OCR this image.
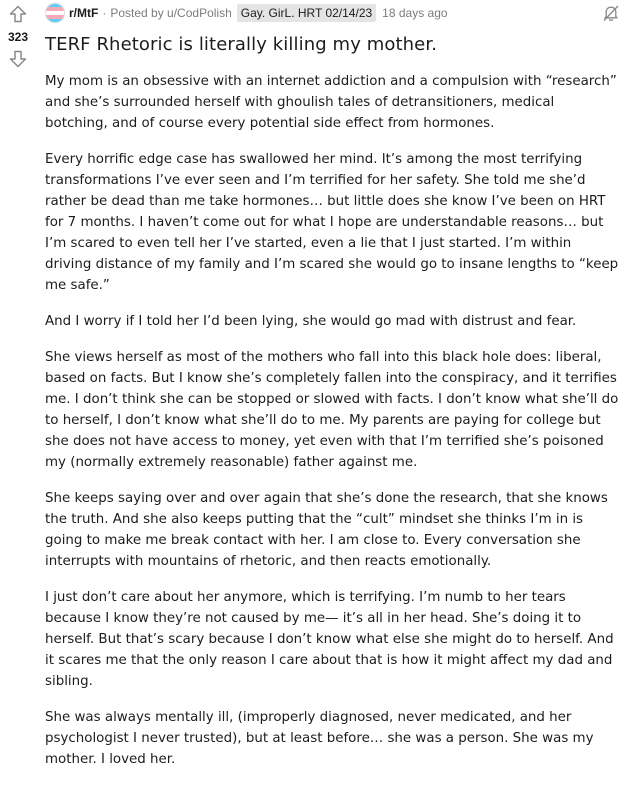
323
r/MtF · Posted by
u/CodPolish Gay. GirL. HRT 02/14/23 18 days ago
TERF Rhetoric is literally killing my mother.

My mom is an obsessive with an internet addiction and a compulsion with “research” and she’s surrounded herself with ghoulish tales of detransitioners, medical botching, and of course every potential side effect from hormones.

Every horrific edge case has swallowed her mind. It’s among the most terrifying transformations I’ve ever seen and I’m terrified for her safety. She told me she’d rather be dead than me take hormones… but little does she know I’ve been on HRT for 7 months. I haven’t come out for what I hope are understandable reasons… but I’m scared to even tell her I’ve started, even a lie that I just started. I’m within driving distance of my family and I’m scared she would go to insane lengths to “keep me safe.”

And I worry if I told her I’d been lying, she would go mad with distrust and fear.

She views herself as most of the mothers who fall into this black hole does: liberal, based on facts. But I know she’s completely fallen into the conspiracy, and it terrifies me. I don’t think she can be stopped or slowed with facts. I don’t know what she’ll do to herself, I don’t know what she’ll do to me. My parents are paying for college but she does not have access to money, yet even with that I’m terrified she’s poisoned my (normally extremely reasonable) father against me.

She keeps saying over and over again that she’s done the research, that she knows the truth. And she also keeps putting that the “cult” mindset she thinks I’m in is going to make me break contact with her. I am close to. Every conversation she interrupts with mountains of rhetoric, and then reacts emotionally.

I just don’t care about her anymore, which is terrifying. I’m numb to her tears because I know they’re not caused by me— it’s all in her head. She’s doing it to herself. But that’s scary because I don’t know what else she might do to herself. And it scares me that the only reason I care about that is how it might affect my dad and sibling.

She was always mentally ill, (improperly diagnosed, never medicated, and her psychologist I never trusted), but at least before… she was a person. She was my mother. I loved her.
